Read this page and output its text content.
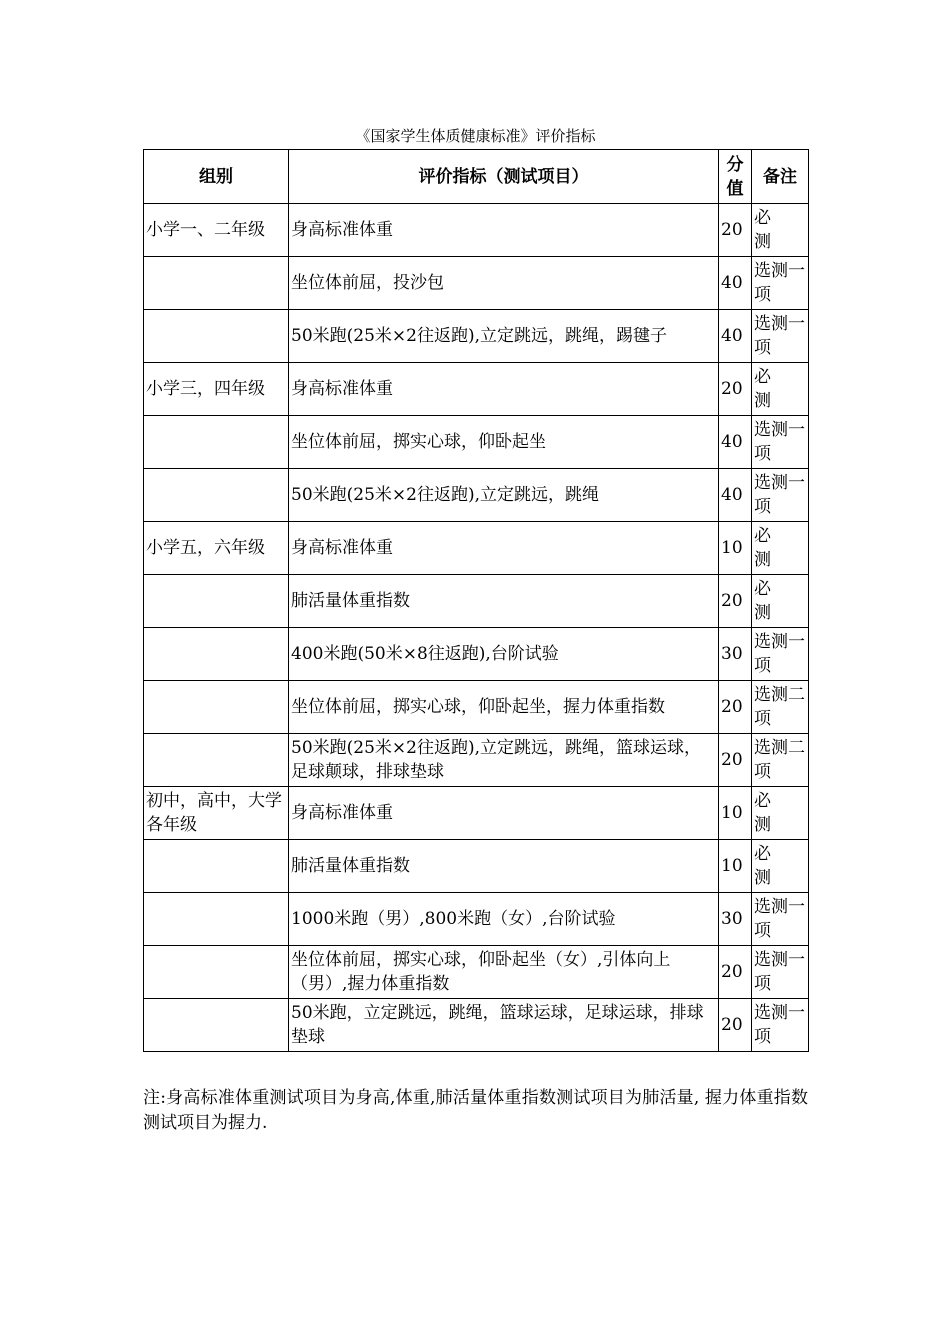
《国家学生体质健康标准》评价指标
组别	评价指标（测试项目）	分值	备注
小学一、二年级	身高标准体重	20	必 测
	坐位体前屈，投沙包	40	选测一项
	50米跑(25米×2往返跑),立定跳远，跳绳，踢毽子	40	选测一项
小学三，四年级	身高标准体重	20	必 测
	坐位体前屈，掷实心球，仰卧起坐	40	选测一项
	50米跑(25米×2往返跑),立定跳远，跳绳	40	选测一项
小学五，六年级	身高标准体重	10	必 测
	肺活量体重指数	20	必 测
	400米跑(50米×8往返跑),台阶试验	30	选测一项
	坐位体前屈，掷实心球，仰卧起坐，握力体重指数	20	选测二项
	50米跑(25米×2往返跑),立定跳远，跳绳，篮球运球，足球颠球，排球垫球	20	选测二项
初中，高中，大学各年级	身高标准体重	10	必 测
	肺活量体重指数	10	必 测
	1000米跑（男）,800米跑（女）,台阶试验	30	选测一项
	坐位体前屈，掷实心球，仰卧起坐（女）,引体向上（男）,握力体重指数	20	选测一项
	50米跑，立定跳远，跳绳，篮球运球，足球运球，排球垫球	20	选测一项
注:身高标准体重测试项目为身高,体重,肺活量体重指数测试项目为肺活量, 握力体重指数测试项目为握力.
